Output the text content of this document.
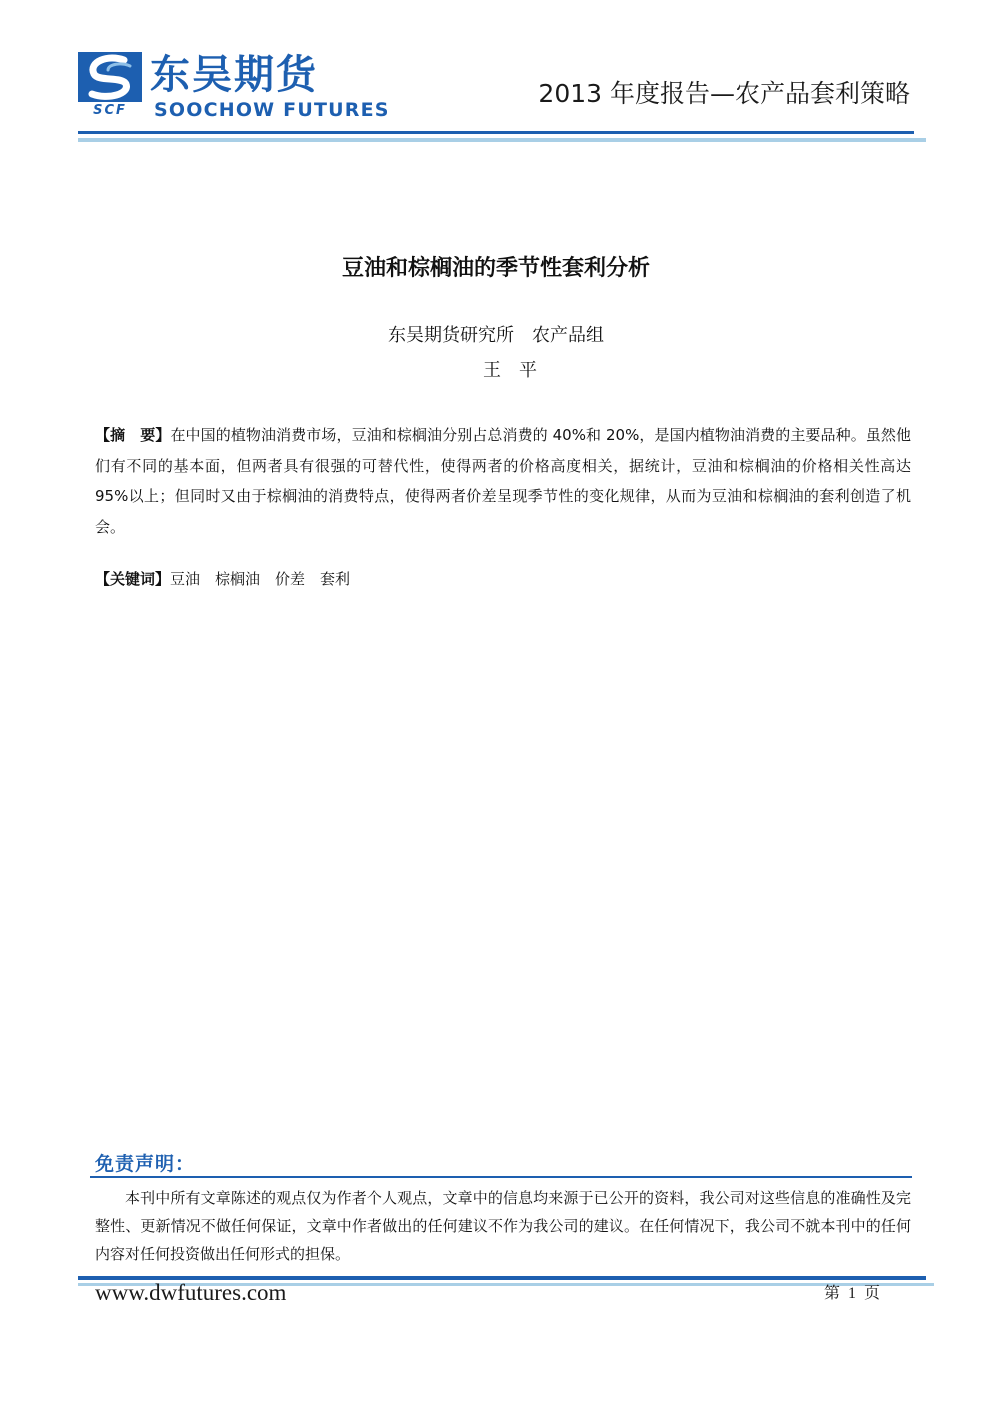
SCF
东吴期货
SOOCHOW FUTURES
2013 年度报告—农产品套利策略
豆油和棕榈油的季节性套利分析
东吴期货研究所　农产品组
王　平
【摘　要】在中国的植物油消费市场，豆油和棕榈油分别占总消费的 40%和 20%，是国内植物油消费的主要品种。虽然他们有不同的基本面，但两者具有很强的可替代性，使得两者的价格高度相关，据统计，豆油和棕榈油的价格相关性高达 95%以上；但同时又由于棕榈油的消费特点，使得两者价差呈现季节性的变化规律，从而为豆油和棕榈油的套利创造了机会。
【关键词】豆油　棕榈油　价差　套利
免责声明：
本刊中所有文章陈述的观点仅为作者个人观点，文章中的信息均来源于已公开的资料，我公司对这些信息的准确性及完整性、更新情况不做任何保证，文章中作者做出的任何建议不作为我公司的建议。在任何情况下，我公司不就本刊中的任何内容对任何投资做出任何形式的担保。
www.dwfutures.com	第  1  页
